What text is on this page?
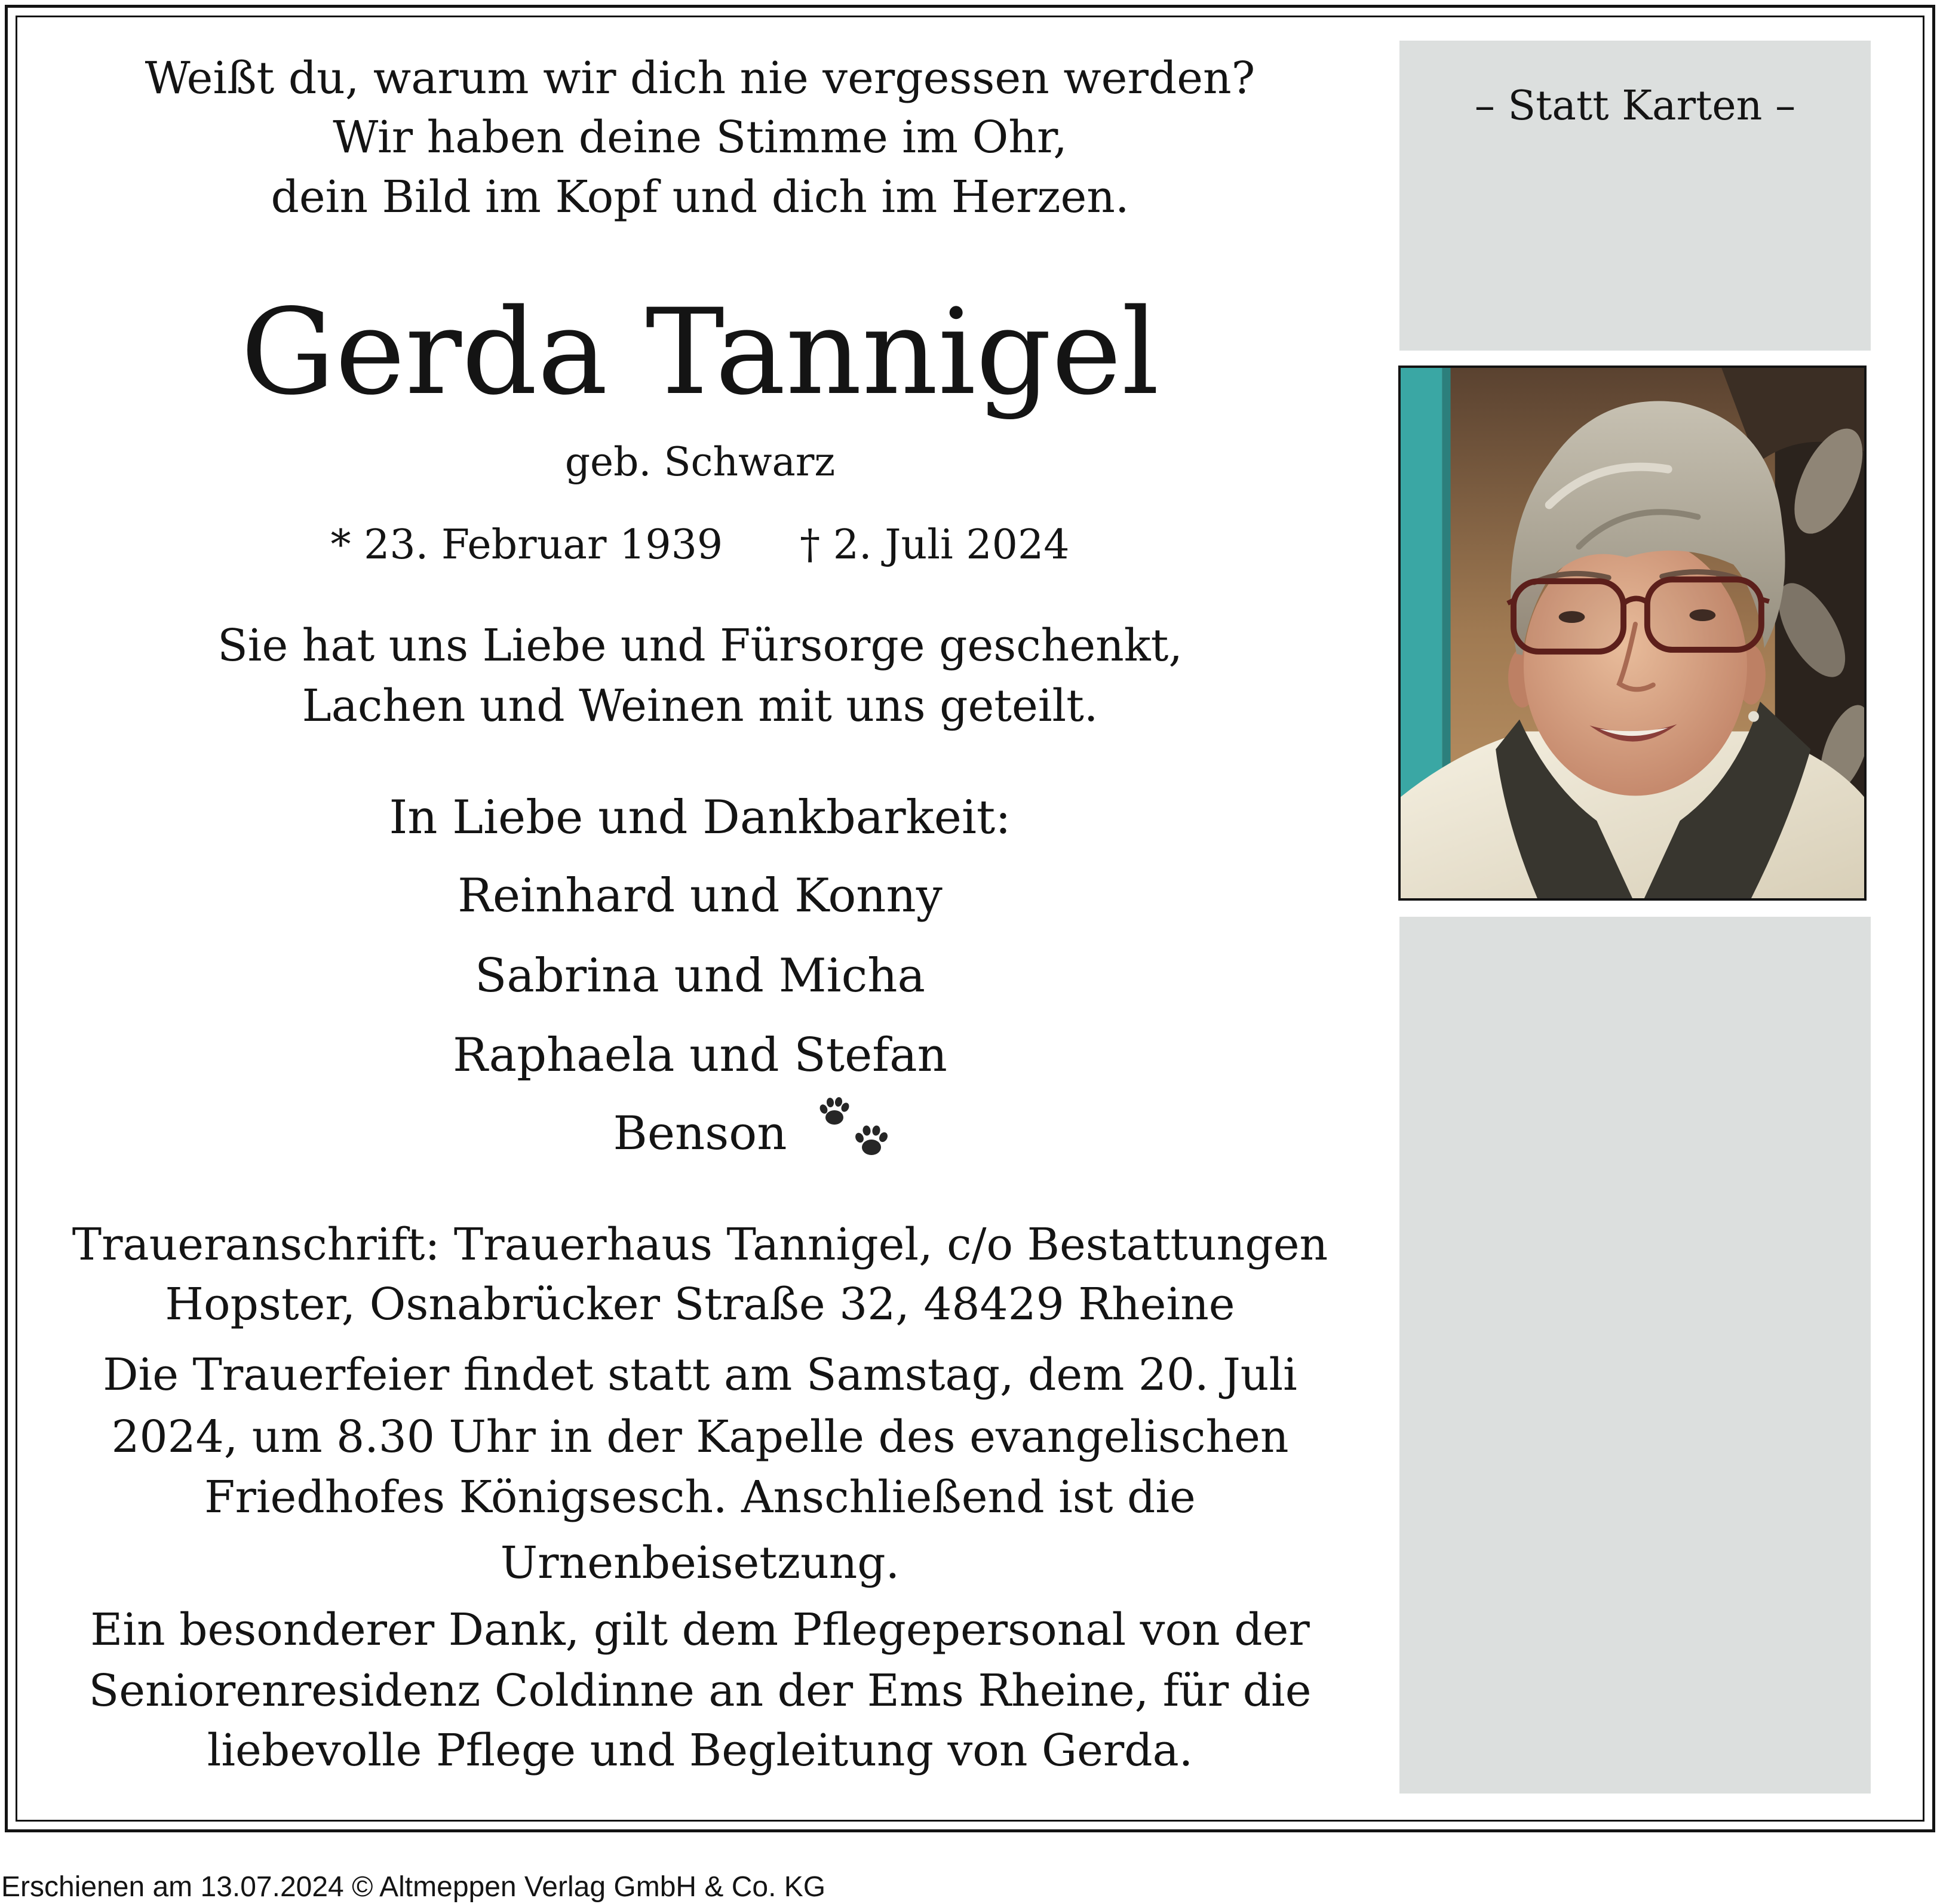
Weißt du, warum wir dich nie vergessen werden?
Wir haben deine Stimme im Ohr,
dein Bild im Kopf und dich im Herzen.
Gerda Tannigel
geb. Schwarz
* 23. Februar 1939 † 2. Juli 2024
Sie hat uns Liebe und Fürsorge geschenkt,
Lachen und Weinen mit uns geteilt.
In Liebe und Dankbarkeit:
Reinhard und Konny
Sabrina und Micha
Raphaela und Stefan
Benson
Traueranschrift: Trauerhaus Tannigel, c/o Bestattungen
Hopster, Osnabrücker Straße 32, 48429 Rheine
Die Trauerfeier findet statt am Samstag, dem 20. Juli
2024, um 8.30 Uhr in der Kapelle des evangelischen
Friedhofes Königsesch. Anschließend ist die
Urnenbeisetzung.
Ein besonderer Dank, gilt dem Pflegepersonal von der
Seniorenresidenz Coldinne an der Ems Rheine, für die
liebevolle Pflege und Begleitung von Gerda.
– Statt Karten –
Erschienen am 13.07.2024 © Altmeppen Verlag GmbH & Co. KG
